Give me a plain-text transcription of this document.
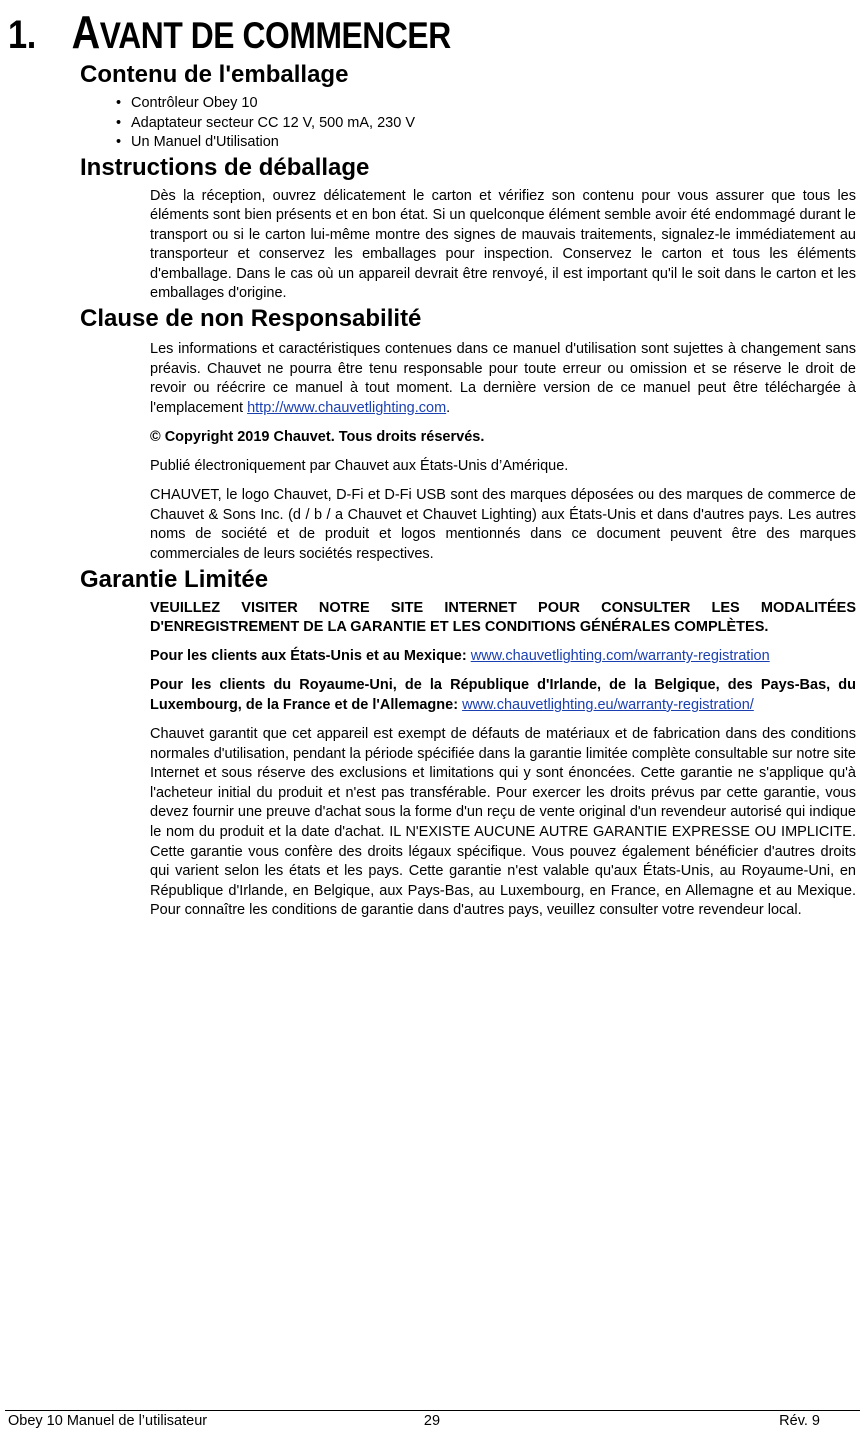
1. AVANT DE COMMENCER
Contenu de l'emballage
• Contrôleur Obey 10
• Adaptateur secteur CC 12 V, 500 mA, 230 V
• Un Manuel d'Utilisation
Instructions de déballage

Dès la réception, ouvrez délicatement le carton et vérifiez son contenu pour vous assurer que tous les éléments sont bien présents et en bon état. Si un quelconque élément semble avoir été endommagé durant le transport ou si le carton lui-même montre des signes de mauvais traitements, signalez-le immédiatement au transporteur et conservez les emballages pour inspection. Conservez le carton et tous les éléments d'emballage. Dans le cas où un appareil devrait être renvoyé, il est important qu'il le soit dans le carton et les emballages d'origine.

Clause de non Responsabilité

Les informations et caractéristiques contenues dans ce manuel d'utilisation sont sujettes à changement sans préavis. Chauvet ne pourra être tenu responsable pour toute erreur ou omission et se réserve le droit de revoir ou réécrire ce manuel à tout moment. La dernière version de ce manuel peut être téléchargée à l'emplacement http://www.chauvetlighting.com.

© Copyright 2019 Chauvet. Tous droits réservés.

Publié électroniquement par Chauvet aux États-Unis d’Amérique.

CHAUVET, le logo Chauvet, D-Fi et D-Fi USB sont des marques déposées ou des marques de commerce de Chauvet & Sons Inc. (d / b / a Chauvet et Chauvet Lighting) aux États-Unis et dans d'autres pays. Les autres noms de société et de produit et logos mentionnés dans ce document peuvent être des marques commerciales de leurs sociétés respectives.

Garantie Limitée

VEUILLEZ VISITER NOTRE SITE INTERNET POUR CONSULTER LES MODALITÉES D'ENREGISTREMENT DE LA GARANTIE ET LES CONDITIONS GÉNÉRALES COMPLÈTES.

Pour les clients aux États-Unis et au Mexique: www.chauvetlighting.com/warranty-registration

Pour les clients du Royaume-Uni, de la République d'Irlande, de la Belgique, des Pays-Bas, du Luxembourg, de la France et de l'Allemagne: www.chauvetlighting.eu/warranty-registration/

Chauvet garantit que cet appareil est exempt de défauts de matériaux et de fabrication dans des conditions normales d'utilisation, pendant la période spécifiée dans la garantie limitée complète consultable sur notre site Internet et sous réserve des exclusions et limitations qui y sont énoncées. Cette garantie ne s'applique qu'à l'acheteur initial du produit et n'est pas transférable. Pour exercer les droits prévus par cette garantie, vous devez fournir une preuve d'achat sous la forme d'un reçu de vente original d'un revendeur autorisé qui indique le nom du produit et la date d'achat. IL N'EXISTE AUCUNE AUTRE GARANTIE EXPRESSE OU IMPLICITE. Cette garantie vous confère des droits légaux spécifique. Vous pouvez également bénéficier d'autres droits qui varient selon les états et les pays. Cette garantie n'est valable qu'aux États-Unis, au Royaume-Uni, en République d'Irlande, en Belgique, aux Pays-Bas, au Luxembourg, en France, en Allemagne et au Mexique. Pour connaître les conditions de garantie dans d'autres pays, veuillez consulter votre revendeur local.

Obey 10 Manuel de l’utilisateur	29	Rév. 9
